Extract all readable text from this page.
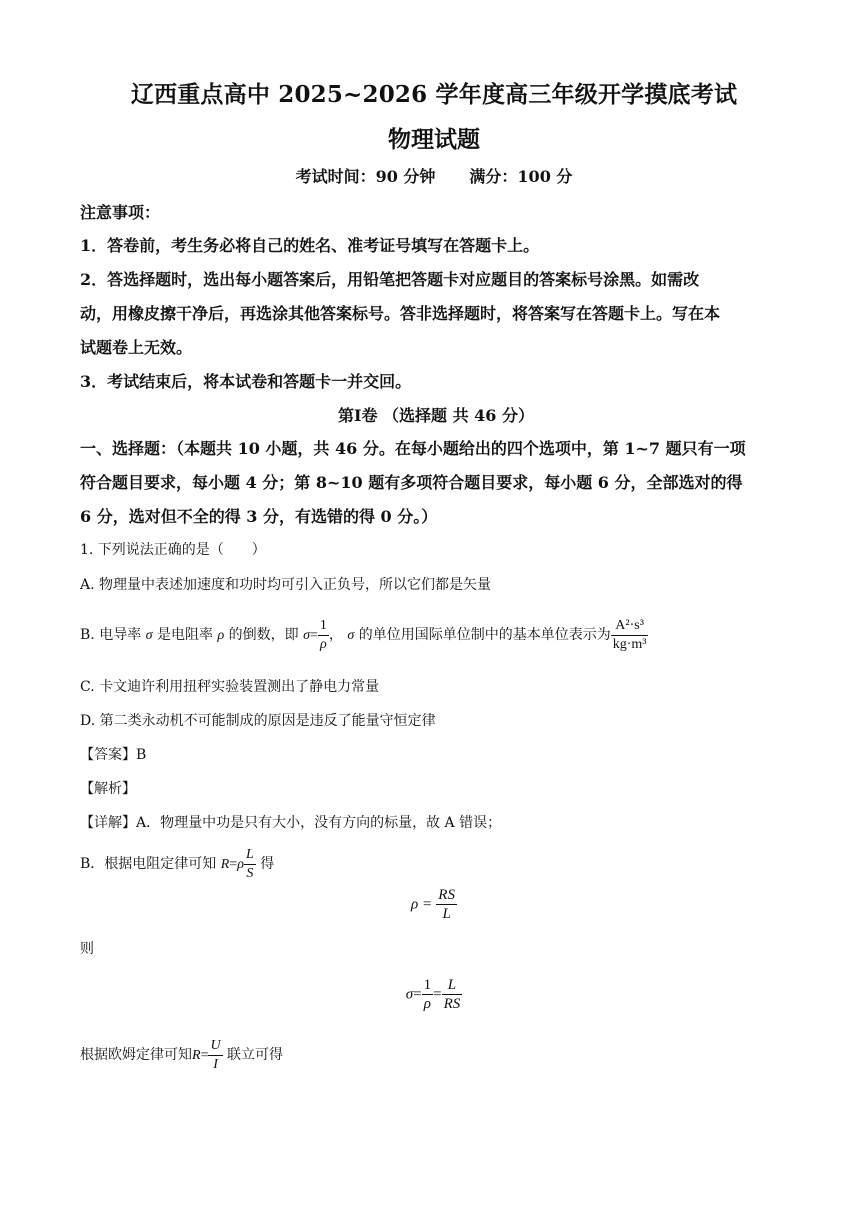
辽西重点高中 2025~2026 学年度高三年级开学摸底考试
物理试题
考试时间：90 分钟 满分：100 分
注意事项：
1．答卷前，考生务必将自己的姓名、准考证号填写在答题卡上。
2．答选择题时，选出每小题答案后，用铅笔把答题卡对应题目的答案标号涂黑。如需改
动，用橡皮擦干净后，再选涂其他答案标号。答非选择题时，将答案写在答题卡上。写在本
试题卷上无效。
3．考试结束后，将本试卷和答题卡一并交回。
第Ⅰ卷 （选择题 共 46 分）
一、选择题：（本题共 10 小题，共 46 分。在每小题给出的四个选项中，第 1~7 题只有一项
符合题目要求，每小题 4 分；第 8~10 题有多项符合题目要求，每小题 6 分，全部选对的得
6 分，选对但不全的得 3 分，有选错的得 0 分。）
1. 下列说法正确的是（　　）
A. 物理量中表述加速度和功时均可引入正负号，所以它们都是矢量
B. 电导率 σ 是电阻率 ρ 的倒数，即 $\sigma= \frac{1}{\rho}$ ， σ 的单位用国际单位制中的基本单位表示为 $\frac{\text{A²·s³}}{\text{kg·m³}}$
C. 卡文迪许利用扭秤实验装置测出了静电力常量
D. 第二类永动机不可能制成的原因是违反了能量守恒定律
【答案】B
【解析】
【详解】A．物理量中功是只有大小，没有方向的标量，故 A 错误；
B．根据电阻定律可知 $R=\rho \frac{L}{S}$ 得
$\rho = \frac{RS}{L}$
则
$\sigma= \frac{1}{\rho} = \frac{L}{RS}$
根据欧姆定律可知$R= \frac{U}{I}$ 联立可得
